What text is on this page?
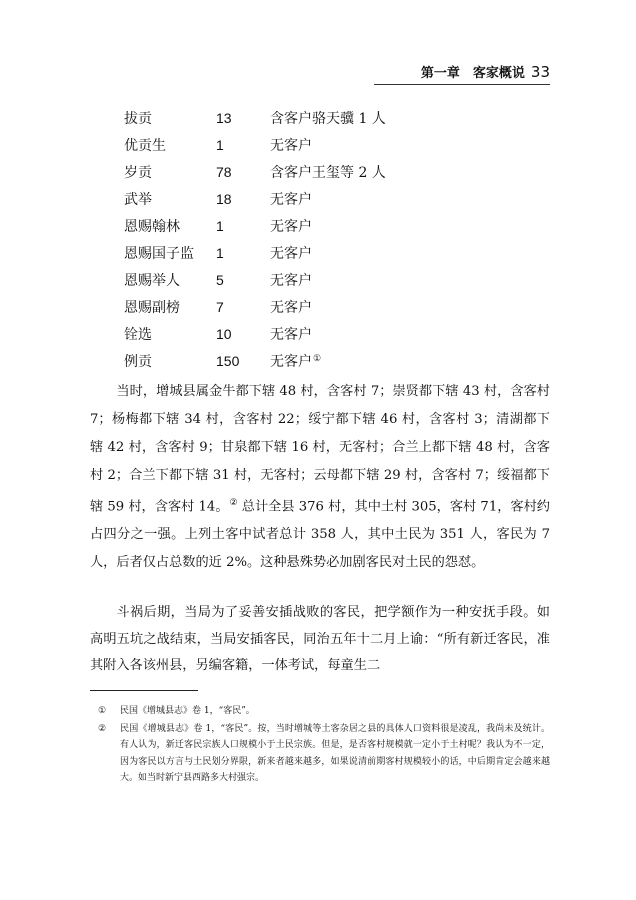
第一章　客家概说 33
拔贡	13	含客户骆天骥 1 人
优贡生	1	无客户
岁贡	78	含客户王玺等 2 人
武举	18	无客户
恩赐翰林	1	无客户
恩赐国子监	1	无客户
恩赐举人	5	无客户
恩赐副榜	7	无客户
铨选	10	无客户
例贡	150	无客户①

当时，增城县属金牛都下辖 48 村，含客村 7；崇贤都下辖 43 村，含客村 7；杨梅都下辖 34 村，含客村 22；绥宁都下辖 46 村，含客村 3；清湖都下辖 42 村，含客村 9；甘泉都下辖 16 村，无客村；合兰上都下辖 48 村，含客村 2；合兰下都下辖 31 村，无客村；云母都下辖 29 村，含客村 7；绥福都下辖 59 村，含客村 14。② 总计全县 376 村，其中土村 305，客村 71，客村约占四分之一强。上列土客中试者总计 358 人，其中土民为 351 人，客民为 7 人，后者仅占总数的近 2%。这种悬殊势必加剧客民对土民的怨怼。

斗祸后期，当局为了妥善安插战败的客民，把学额作为一种安抚手段。如高明五坑之战结束，当局安插客民，同治五年十二月上谕：“所有新迁客民，准其附入各该州县，另编客籍，一体考试，每童生二

① 民国《增城县志》卷 1，“客民”。

② 民国《增城县志》卷 1，“客民”。按，当时增城等土客杂居之县的具体人口资料很是凌乱，我尚未及统计。有人认为，新迁客民宗族人口规模小于土民宗族。但是，是否客村规模就一定小于土村呢？我认为不一定，因为客民以方言与土民划分界限，新来者越来越多，如果说清前期客村规模较小的话，中后期肯定会越来越大。如当时新宁县西路多大村强宗。
